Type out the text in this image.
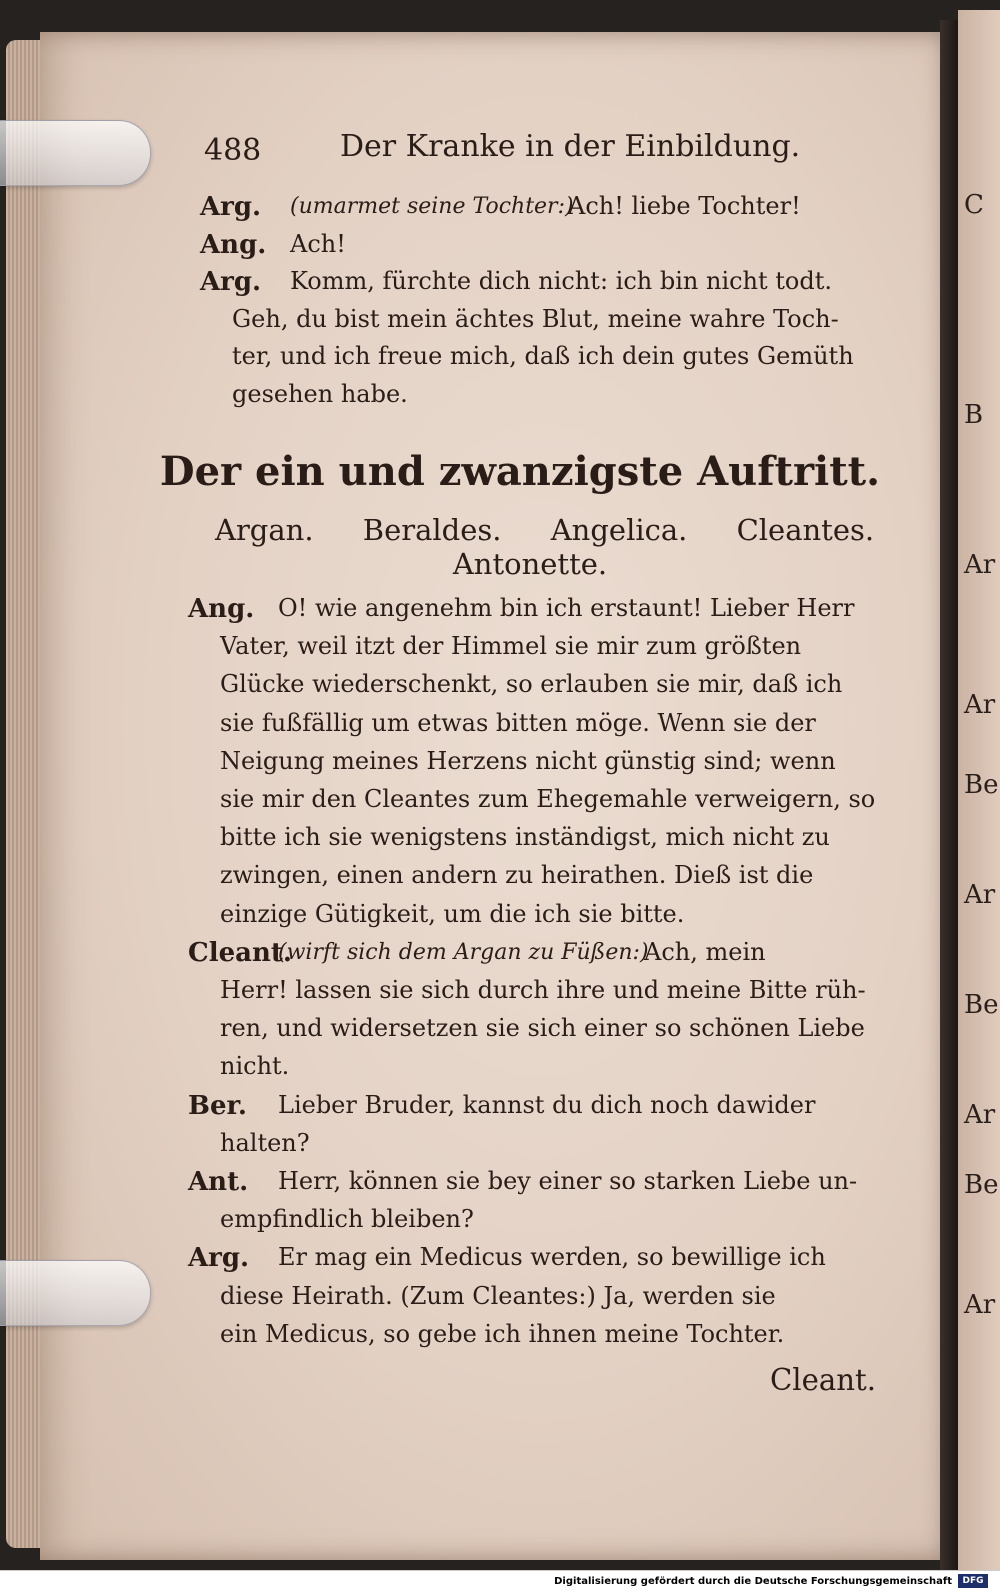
488	Der Kranke in der Einbildung.
Arg. (umarmet seine Tochter:)
Ach! liebe Tochter!
Ang. Ach!
Arg. Komm, fürchte dich nicht: ich bin nicht todt.
Geh, du bist mein ächtes Blut, meine wahre Toch-
ter, und ich freue mich, daß ich dein gutes Gemüth
gesehen habe.
Der ein und zwanzigste Auftritt.
Argan. Beraldes. Angelica. Cleantes.
Antonette.
Ang. O! wie angenehm bin ich erstaunt! Lieber Herr
Vater, weil itzt der Himmel sie mir zum größten
Glücke wiederschenkt, so erlauben sie mir, daß ich
sie fußfällig um etwas bitten möge. Wenn sie der
Neigung meines Herzens nicht günstig sind; wenn
sie mir den Cleantes zum Ehegemahle verweigern, so
bitte ich sie wenigstens inständigst, mich nicht zu
zwingen, einen andern zu heirathen. Dieß ist die
einzige Gütigkeit, um die ich sie bitte.
Cleant.
(wirft sich dem Argan zu Füßen:)
Ach, mein
Herr! lassen sie sich durch ihre und meine Bitte rüh-
ren, und widersetzen sie sich einer so schönen Liebe
nicht.
Ber. Lieber Bruder, kannst du dich noch dawider
halten?
Ant. Herr, können sie bey einer so starken Liebe un-
empfindlich bleiben?
Arg. Er mag ein Medicus werden, so bewillige ich
diese Heirath. (Zum Cleantes:) Ja, werden sie
ein Medicus, so gebe ich ihnen meine Tochter.
Cleant.
C
B
Ar
Ar
Be
Ar
Be
Ar
Be
Ar
Digitalisierung gefördert durch die Deutsche Forschungsgemeinschaft	DFG
